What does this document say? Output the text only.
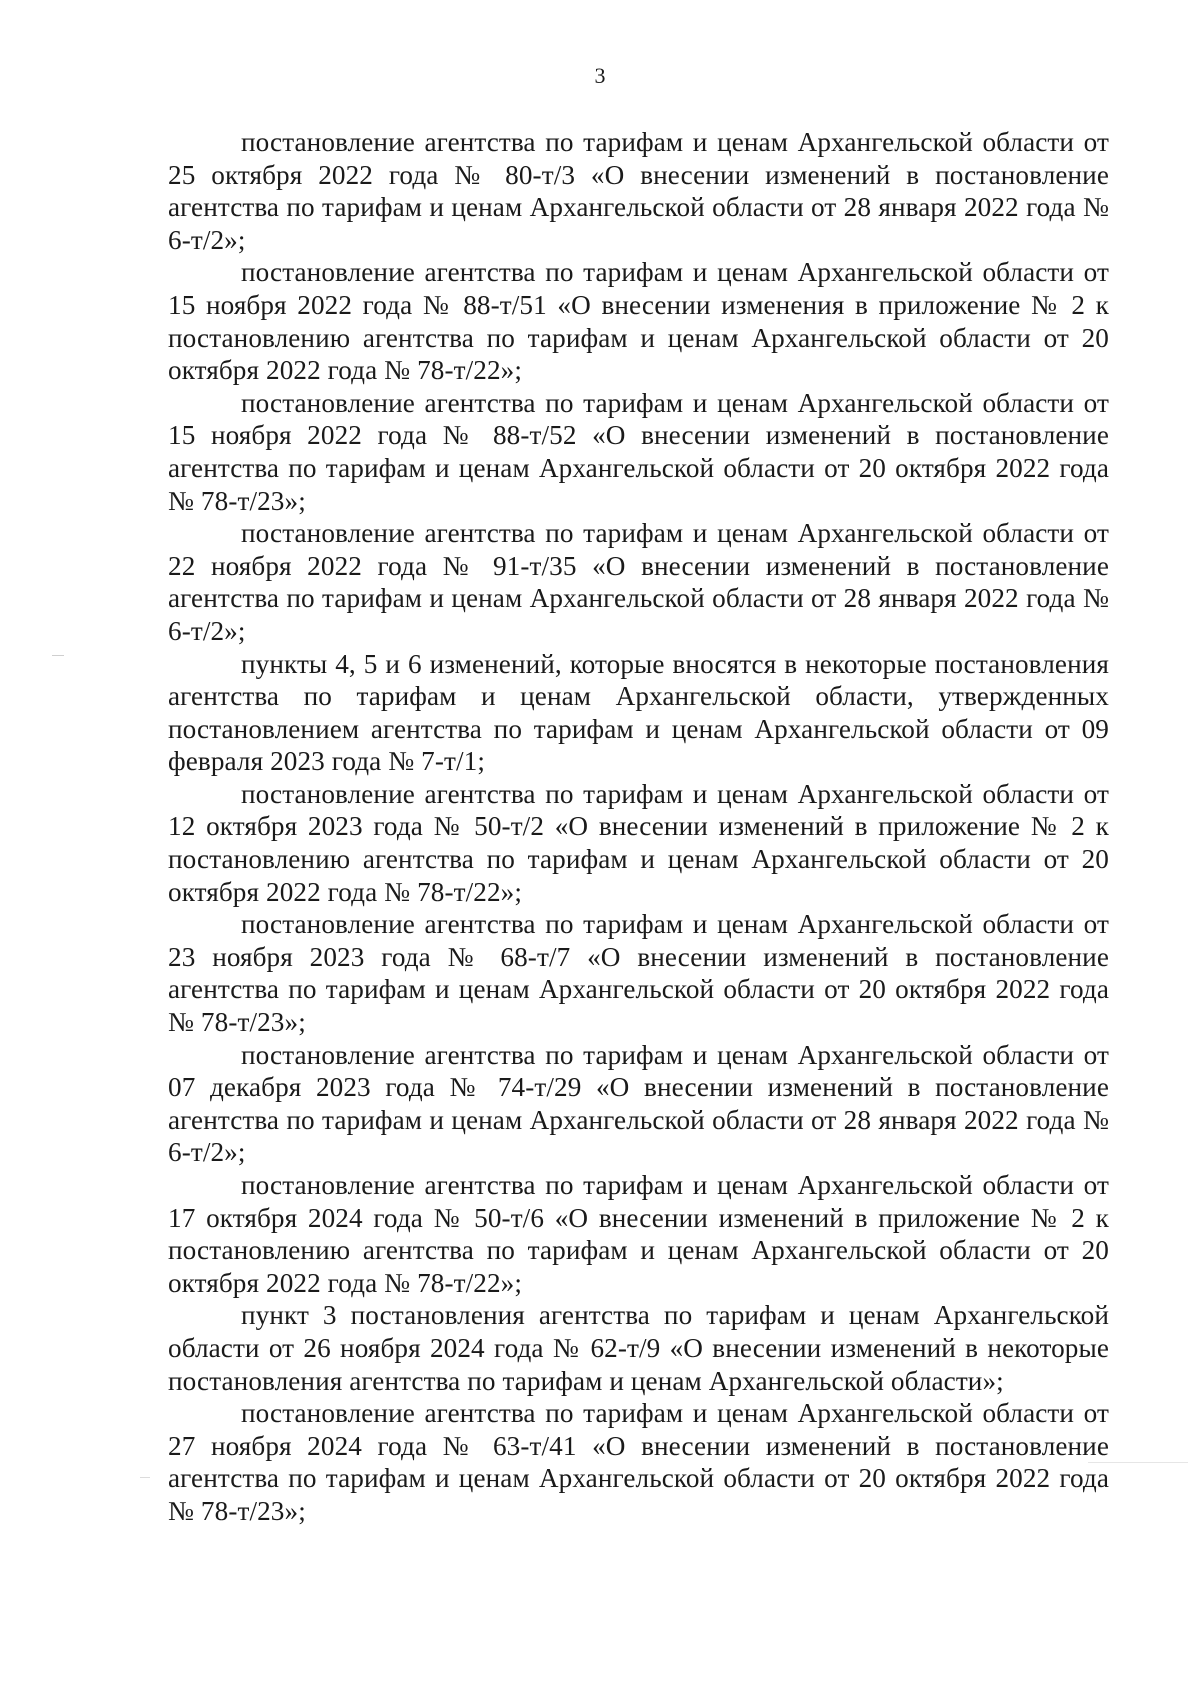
3

постановление агентства по тарифам и ценам Архангельской области от 25 октября 2022 года № 80-т/3 «О внесении изменений в постановление агентства по тарифам и ценам Архангельской области от 28 января 2022 года № 6-т/2»;

постановление агентства по тарифам и ценам Архангельской области от 15 ноября 2022 года № 88-т/51 «О внесении изменения в приложение № 2 к постановлению агентства по тарифам и ценам Архангельской области от 20 октября 2022 года № 78-т/22»;

постановление агентства по тарифам и ценам Архангельской области от 15 ноября 2022 года № 88-т/52 «О внесении изменений в постановление агентства по тарифам и ценам Архангельской области от 20 октября 2022 года № 78-т/23»;

постановление агентства по тарифам и ценам Архангельской области от 22 ноября 2022 года № 91-т/35 «О внесении изменений в постановление агентства по тарифам и ценам Архангельской области от 28 января 2022 года № 6-т/2»;

пункты 4, 5 и 6 изменений, которые вносятся в некоторые постановления агентства по тарифам и ценам Архангельской области, утвержденных постановлением агентства по тарифам и ценам Архангельской области от 09 февраля 2023 года № 7-т/1;

постановление агентства по тарифам и ценам Архангельской области от 12 октября 2023 года № 50-т/2 «О внесении изменений в приложение № 2 к постановлению агентства по тарифам и ценам Архангельской области от 20 октября 2022 года № 78-т/22»;

постановление агентства по тарифам и ценам Архангельской области от 23 ноября 2023 года № 68-т/7 «О внесении изменений в постановление агентства по тарифам и ценам Архангельской области от 20 октября 2022 года № 78-т/23»;

постановление агентства по тарифам и ценам Архангельской области от 07 декабря 2023 года № 74-т/29 «О внесении изменений в постановление агентства по тарифам и ценам Архангельской области от 28 января 2022 года № 6-т/2»;

постановление агентства по тарифам и ценам Архангельской области от 17 октября 2024 года № 50-т/6 «О внесении изменений в приложение № 2 к постановлению агентства по тарифам и ценам Архангельской области от 20 октября 2022 года № 78-т/22»;

пункт 3 постановления агентства по тарифам и ценам Архангельской области от 26 ноября 2024 года № 62-т/9 «О внесении изменений в некоторые постановления агентства по тарифам и ценам Архангельской области»;

постановление агентства по тарифам и ценам Архангельской области от 27 ноября 2024 года № 63-т/41 «О внесении изменений в постановление агентства по тарифам и ценам Архангельской области от 20 октября 2022 года № 78-т/23»;
